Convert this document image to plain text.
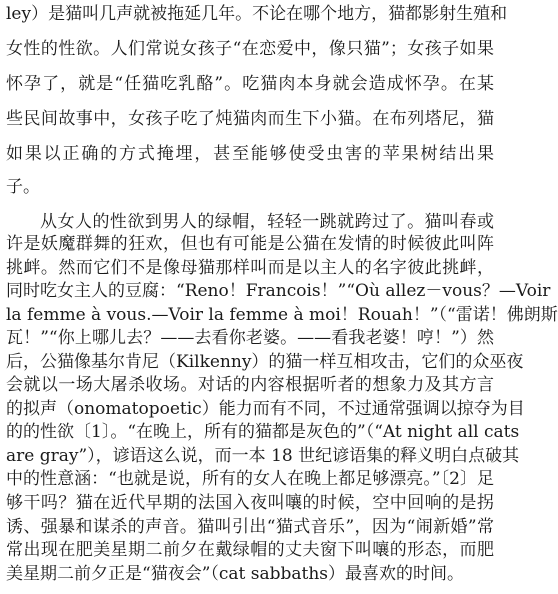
ley）是猫叫几声就被拖延几年。不论在哪个地方，猫都影射生殖和
女性的性欲。人们常说女孩子“在恋爱中，像只猫”；女孩子如果
怀孕了，就是“任猫吃乳酪”。吃猫肉本身就会造成怀孕。在某
些民间故事中，女孩子吃了炖猫肉而生下小猫。在布列塔尼，猫
如果以正确的方式掩埋，甚至能够使受虫害的苹果树结出果
子。
从女人的性欲到男人的绿帽，轻轻一跳就跨过了。猫叫春或
许是妖魔群舞的狂欢，但也有可能是公猫在发情的时候彼此叫阵
挑衅。然而它们不是像母猫那样叫而是以主人的名字彼此挑衅，
同时吃女主人的豆腐：“Reno！Francois！”“Où allez－vous？—Voir
la femme à vous.—Voir la femme à moi！Rouah！”（“雷诺！佛朗斯
瓦！”“你上哪儿去？——去看你老婆。——看我老婆！哼！”）然
后，公猫像基尔肯尼（Kilkenny）的猫一样互相攻击，它们的众巫夜
会就以一场大屠杀收场。对话的内容根据听者的想象力及其方言
的拟声（onomatopoetic）能力而有不同，不过通常强调以掠夺为目
的的性欲〔1〕。“在晚上，所有的猫都是灰色的”（“At night all cats
are gray”），谚语这么说，而一本 18 世纪谚语集的释义明白点破其
中的性意涵：“也就是说，所有的女人在晚上都足够漂亮。”〔2〕足
够干吗？猫在近代早期的法国入夜叫嚷的时候，空中回响的是拐
诱、强暴和谋杀的声音。猫叫引出“猫式音乐”，因为“闹新婚”常
常出现在肥美星期二前夕在戴绿帽的丈夫窗下叫嚷的形态，而肥
美星期二前夕正是“猫夜会”（cat sabbaths）最喜欢的时间。
